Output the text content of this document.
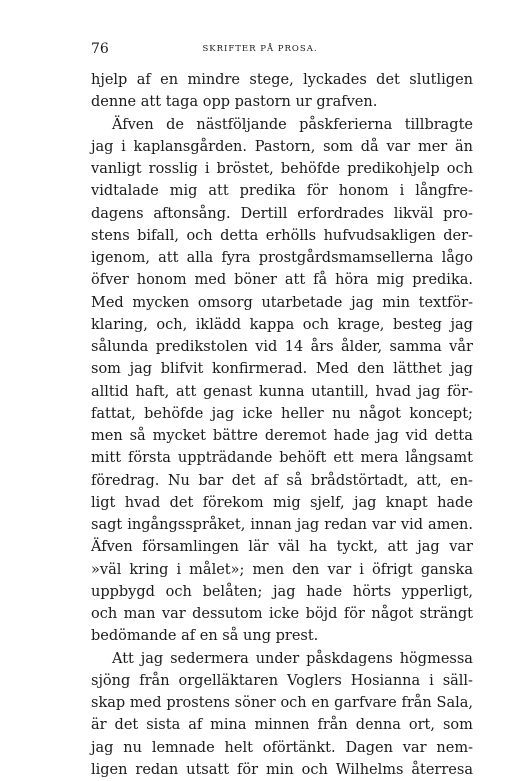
76	SKRIFTER PÅ PROSA.
hjelp af en mindre stege, lyckades det slutligen
denne att taga opp pastorn ur grafven.
Äfven de nästföljande påskferierna tillbragte
jag i kaplansgården. Pastorn, som då var mer än
vanligt rosslig i bröstet, behöfde predikohjelp och
vidtalade mig att predika för honom i långfre-
dagens aftonsång. Dertill erfordrades likväl pro-
stens bifall, och detta erhölls hufvudsakligen der-
igenom, att alla fyra prostgårdsmamsellerna lågo
öfver honom med böner att få höra mig predika.
Med mycken omsorg utarbetade jag min textför-
klaring, och, iklädd kappa och krage, besteg jag
sålunda predikstolen vid 14 års ålder, samma vår
som jag blifvit konfirmerad. Med den lätthet jag
alltid haft, att genast kunna utantill, hvad jag för-
fattat, behöfde jag icke heller nu något koncept;
men så mycket bättre deremot hade jag vid detta
mitt första uppträdande behöft ett mera långsamt
föredrag. Nu bar det af så brådstörtadt, att, en-
ligt hvad det förekom mig sjelf, jag knapt hade
sagt ingångsspråket, innan jag redan var vid amen.
Äfven församlingen lär väl ha tyckt, att jag var
»väl kring i målet»; men den var i öfrigt ganska
uppbygd och belåten; jag hade hörts ypperligt,
och man var dessutom icke böjd för något strängt
bedömande af en så ung prest.
Att jag sedermera under påskdagens högmessa
sjöng från orgelläktaren Voglers Hosianna i säll-
skap med prostens söner och en garfvare från Sala,
är det sista af mina minnen från denna ort, som
jag nu lemnade helt oförtänkt. Dagen var nem-
ligen redan utsatt för min och Wilhelms återresa
